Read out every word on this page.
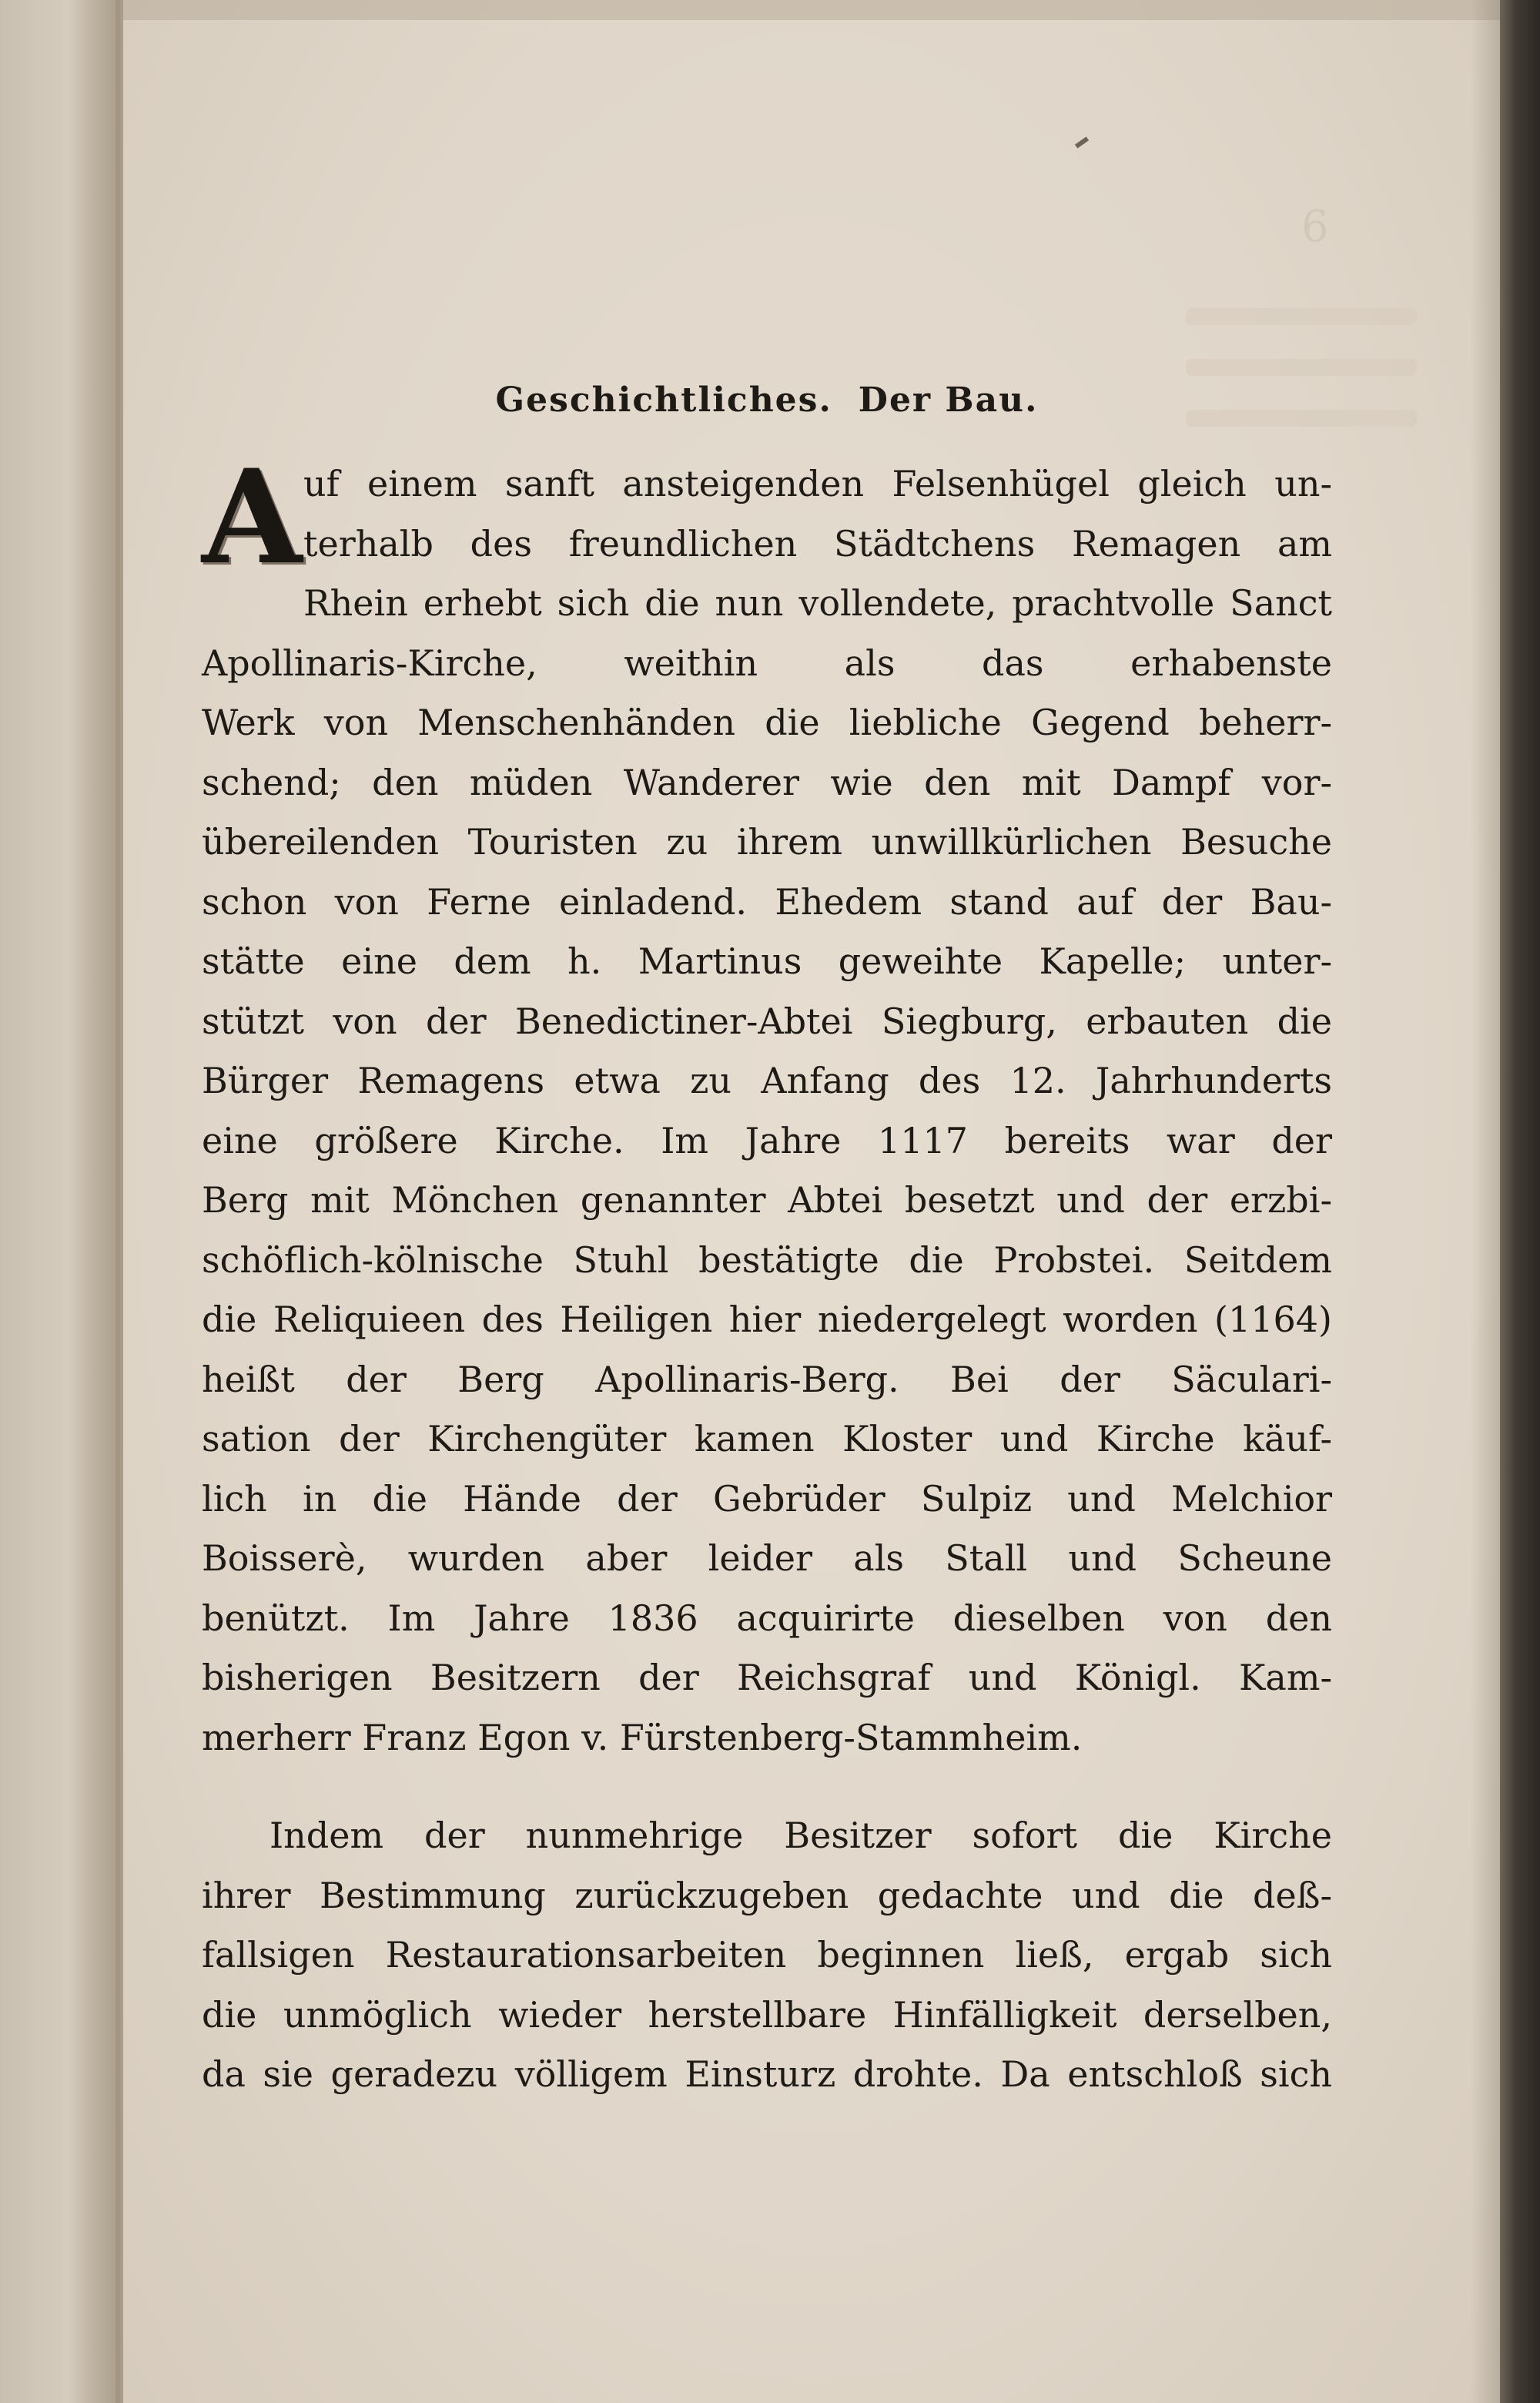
6
Geschichtliches. Der Bau.
A uf einem sanft ansteigenden Felsenhügel gleich un-
terhalb des freundlichen Städtchens Remagen am
Rhein erhebt sich die nun vollendete, prachtvolle Sanct
Apollinaris-Kirche, weithin als das erhabenste
Werk von Menschenhänden die liebliche Gegend beherr-
schend; den müden Wanderer wie den mit Dampf vor-
übereilenden Touristen zu ihrem unwillkürlichen Besuche
schon von Ferne einladend. Ehedem stand auf der Bau-
stätte eine dem h. Martinus geweihte Kapelle; unter-
stützt von der Benedictiner-Abtei Siegburg, erbauten die
Bürger Remagens etwa zu Anfang des 12. Jahrhunderts
eine größere Kirche. Im Jahre 1117 bereits war der
Berg mit Mönchen genannter Abtei besetzt und der erzbi-
schöflich-kölnische Stuhl bestätigte die Probstei. Seitdem
die Reliquieen des Heiligen hier niedergelegt worden (1164)
heißt der Berg Apollinaris-Berg. Bei der Säculari-
sation der Kirchengüter kamen Kloster und Kirche käuf-
lich in die Hände der Gebrüder Sulpiz und Melchior
Boisserè, wurden aber leider als Stall und Scheune
benützt. Im Jahre 1836 acquirirte dieselben von den
bisherigen Besitzern der Reichsgraf und Königl. Kam-
merherr Franz Egon v. Fürstenberg-Stammheim.
Indem der nunmehrige Besitzer sofort die Kirche
ihrer Bestimmung zurückzugeben gedachte und die deß-
fallsigen Restaurationsarbeiten beginnen ließ, ergab sich
die unmöglich wieder herstellbare Hinfälligkeit derselben,
da sie geradezu völligem Einsturz drohte. Da entschloß sich
